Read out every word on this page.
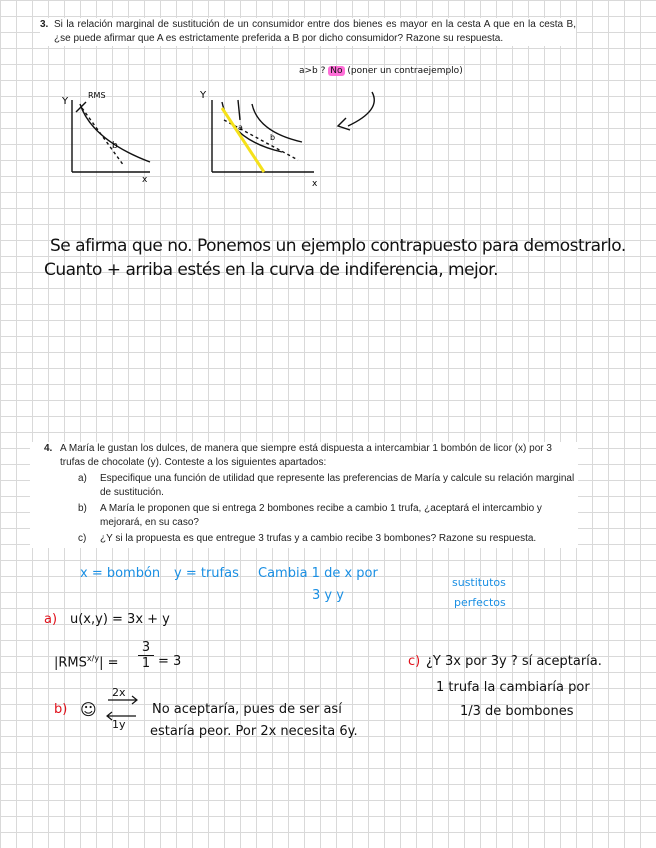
3. Si la relación marginal de sustitución de un consumidor entre dos bienes es mayor en la cesta A que en la cesta B, ¿se puede afirmar que A es estrictamente preferida a B por dicho consumidor? Razone su respuesta.
a>b ? No (poner un contraejemplo)
Y
RMS
b
x
Y
a
b
x
Se afirma que no. Ponemos un ejemplo contrapuesto para demostrarlo.
Cuanto + arriba estés en la curva de indiferencia, mejor.
4. A María le gustan los dulces, de manera que siempre está dispuesta a intercambiar 1 bombón de licor (x) por 3 trufas de chocolate (y). Conteste a los siguientes apartados:
a) Especifique una función de utilidad que represente las preferencias de María y calcule su relación marginal de sustitución.
b) A María le proponen que si entrega 2 bombones recibe a cambio 1 trufa, ¿aceptará el intercambio y mejorará, en su caso?
c) ¿Y si la propuesta es que entregue 3 trufas y a cambio recibe 3 bombones? Razone su respuesta.
x = bombón y = trufas Cambia 1 de x por
3 y y
sustitutos
perfectos
a) u(x,y) = 3x + y
$|RMS^{x/y}| = \frac{3}{1} = 3$
b) ☺
2x
1y
No aceptaría, pues de ser así
estaría peor. Por 2x necesita 6y.
c) ¿Y 3x por 3y ? sí aceptaría.
1 trufa la cambiaría por
1/3 de bombones
